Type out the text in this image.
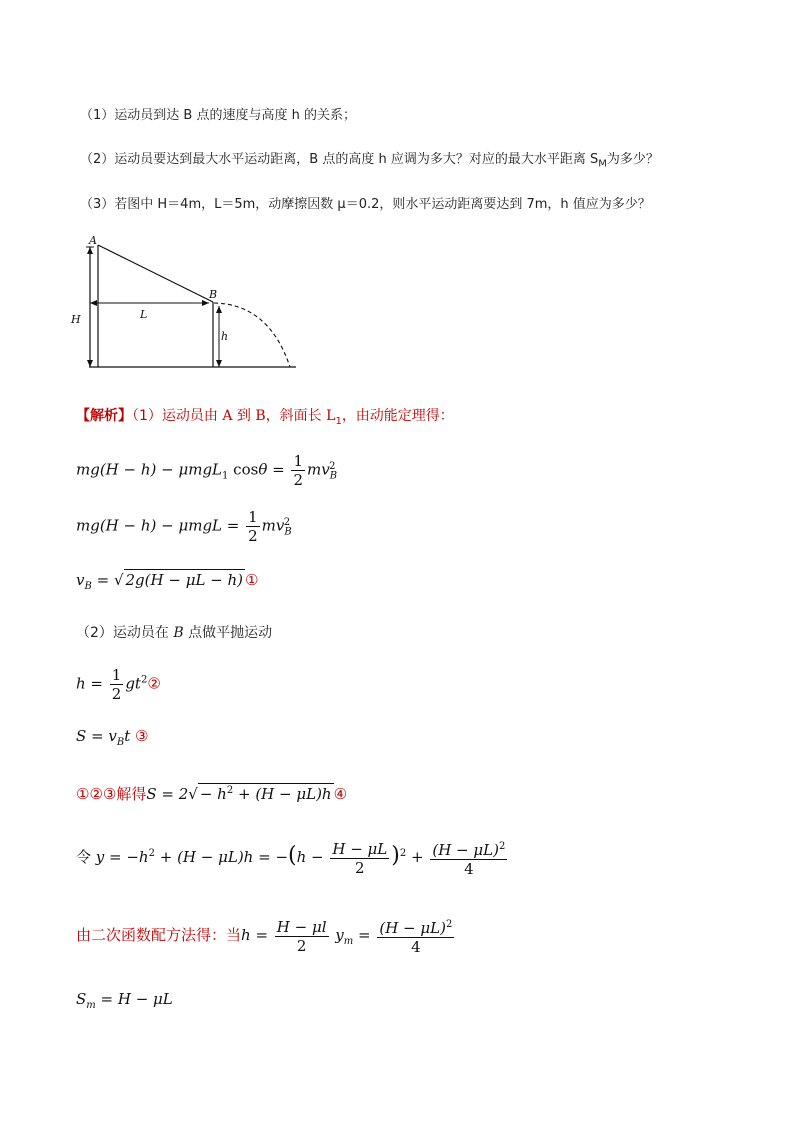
（1）运动员到达 B 点的速度与高度 h 的关系；
（2）运动员要达到最大水平运动距离，B 点的高度 h 应调为多大？对应的最大水平距离 $S_M$为多少？
（3）若图中 H＝4m，L＝5m，动摩擦因数 μ＝0.2，则水平运动距离要达到 7m，h 值应为多少？
A
B
H	L
h
【解析】（1）运动员由 A 到 B，斜面长 $L_1$，由动能定理得：
mg(H − h) − μmgL$_1$ $\cos\theta = \frac{1}{2} mv_B^2$
$mg(H - h) - \mu mgL = \frac{1}{2} mv_B^2$
$v_B$ = √ 2g(H − μL − h) ①
（2）运动员在 B 点做平抛运动
$h = \frac{1}{2}$ $gt^2②$
$S = v_Bt$ ③
①②③解得$S = 2√ - h^2 + (H - \mu L)h$ ④
令 $y = -h^2 + (H - \mu L)h = -(h - \frac{H - \mu L}{2} )^2 + \frac{(H - \mu L)^2}{4}$
由二次函数配方法得：当$h = \frac{H - \mu l}{2} y_m = \frac{(H - \mu L)^2}{4}$
$S_m = H - \mu L$
